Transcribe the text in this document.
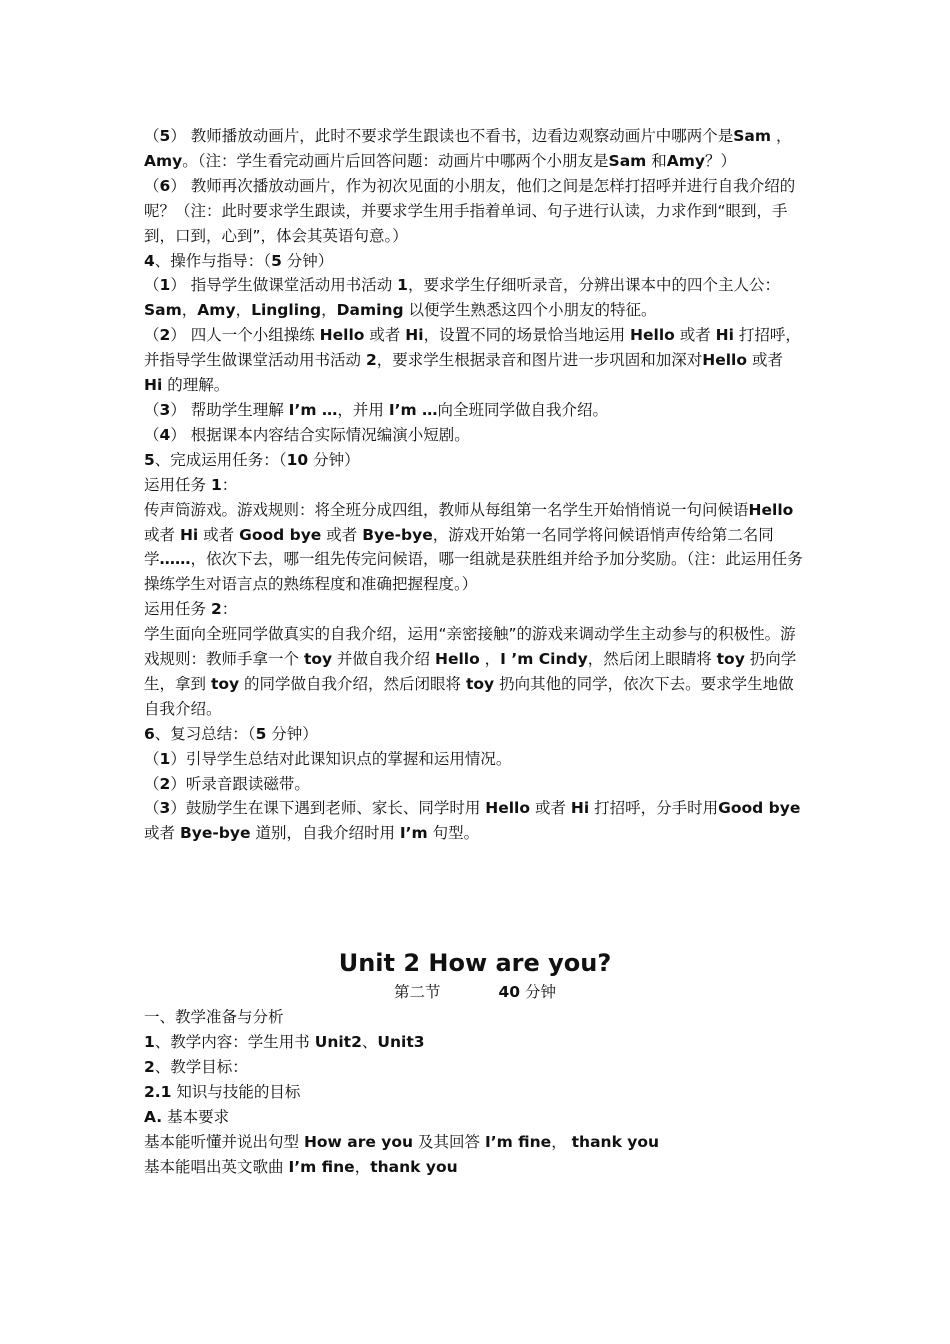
（5） 教师播放动画片，此时不要求学生跟读也不看书，边看边观察动画片中哪两个是Sam ，Amy。（注：学生看完动画片后回答问题：动画片中哪两个小朋友是Sam 和Amy？）

（6） 教师再次播放动画片，作为初次见面的小朋友，他们之间是怎样打招呼并进行自我介绍的呢？（注：此时要求学生跟读，并要求学生用手指着单词、句子进行认读，力求作到“眼到，手到，口到，心到”，体会其英语句意。）

4、操作与指导：（5 分钟）

（1） 指导学生做课堂活动用书活动 1，要求学生仔细听录音，分辨出课本中的四个主人公：Sam，Amy，Lingling，Daming 以便学生熟悉这四个小朋友的特征。

（2） 四人一个小组操练 Hello 或者 Hi，设置不同的场景恰当地运用 Hello 或者 Hi 打招呼，并指导学生做课堂活动用书活动 2，要求学生根据录音和图片进一步巩固和加深对Hello 或者 Hi 的理解。

（3） 帮助学生理解 I’m …，并用 I’m …向全班同学做自我介绍。

（4） 根据课本内容结合实际情况编演小短剧。

5、完成运用任务：（10 分钟）

运用任务 1：

传声筒游戏。游戏规则：将全班分成四组，教师从每组第一名学生开始悄悄说一句问候语Hello 或者 Hi 或者 Good bye 或者 Bye-bye，游戏开始第一名同学将问候语悄声传给第二名同学……，依次下去，哪一组先传完问候语，哪一组就是获胜组并给予加分奖励。（注：此运用任务操练学生对语言点的熟练程度和准确把握程度。）

运用任务 2：

学生面向全班同学做真实的自我介绍，运用“亲密接触”的游戏来调动学生主动参与的积极性。游戏规则：教师手拿一个 toy 并做自我介绍 Hello ，I ’m Cindy，然后闭上眼睛将 toy 扔向学生，拿到 toy 的同学做自我介绍，然后闭眼将 toy 扔向其他的同学，依次下去。要求学生地做自我介绍。

6、复习总结：（5 分钟）

（1）引导学生总结对此课知识点的掌握和运用情况。

（2）听录音跟读磁带。

（3）鼓励学生在课下遇到老师、家长、同学时用 Hello 或者 Hi 打招呼，分手时用Good bye 或者 Bye-bye 道别，自我介绍时用 I’m 句型。

Unit 2 How are you?

第二节	40 分钟

一、教学准备与分析

1、教学内容：学生用书 Unit2、Unit3

2、教学目标：

2.1 知识与技能的目标

A. 基本要求

基本能听懂并说出句型 How are you 及其回答 I’m fine， thank you

基本能唱出英文歌曲 I’m fine，thank you
